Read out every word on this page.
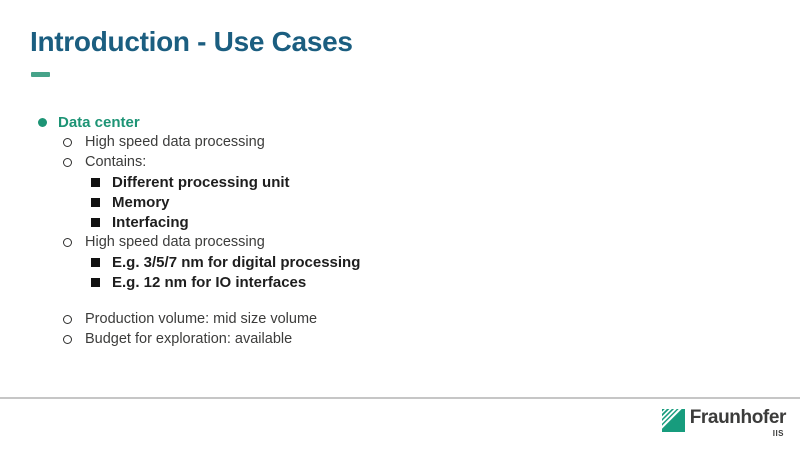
Introduction - Use Cases
Data center
High speed data processing
Contains:
Different processing unit
Memory
Interfacing
High speed data processing
E.g. 3/5/7 nm for digital processing
E.g. 12 nm for IO interfaces
Production volume: mid size volume
Budget for exploration: available
Fraunhofer
IIS
